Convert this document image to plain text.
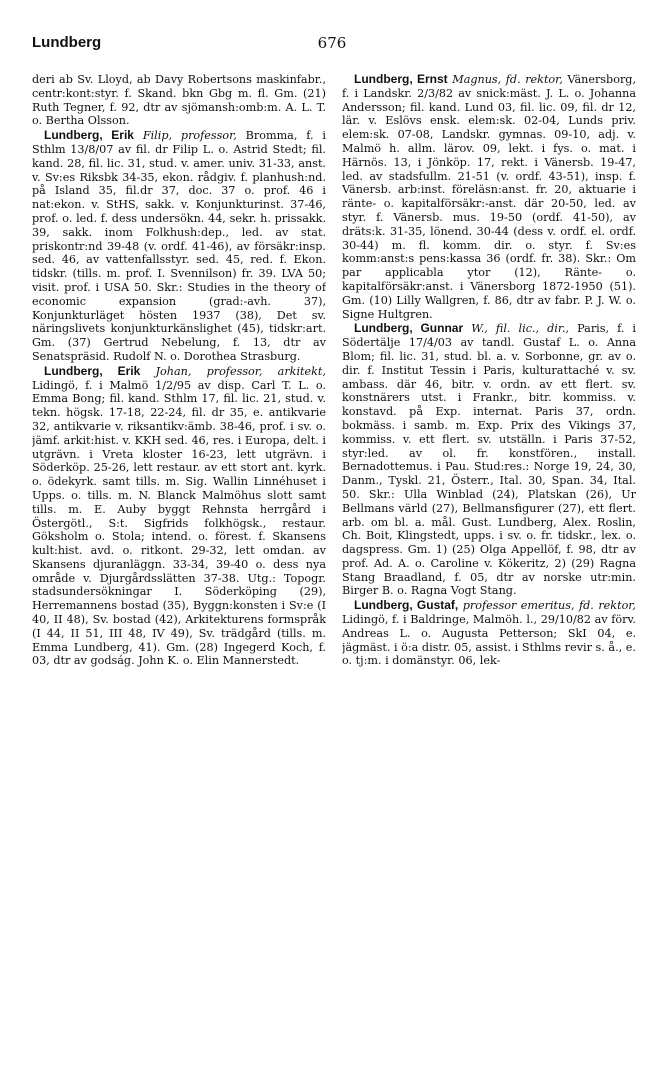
Lundberg	676

deri ab Sv. Lloyd, ab Davy Robertsons maskinfabr., centr:kont:styr. f. Skand. bkn Gbg m. fl. Gm. (21) Ruth Tegner, f. 92, dtr av sjömansh:omb:m. A. L. T. o. Bertha Olsson.

Lundberg, Erik Filip, professor, Bromma, f. i Sthlm 13/8/07 av fil. dr Filip L. o. Astrid Stedt; fil. kand. 28, fil. lic. 31, stud. v. amer. univ. 31-33, anst. v. Sv:es Riksbk 34-35, ekon. rådgiv. f. planhush:nd. på Island 35, fil.dr 37, doc. 37 o. prof. 46 i nat:ekon. v. StHS, sakk. v. Konjunkturinst. 37-46, prof. o. led. f. dess undersökn. 44, sekr. h. prissakk. 39, sakk. inom Folkhush:dep., led. av stat. priskontr:nd 39-48 (v. ordf. 41-46), av försäkr:insp. sed. 46, av vattenfallsstyr. sed. 45, red. f. Ekon. tidskr. (tills. m. prof. I. Svennilson) fr. 39. LVA 50; visit. prof. i USA 50. Skr.: Studies in the theory of economic expansion (grad:-avh. 37), Konjunkturläget hösten 1937 (38), Det sv. näringslivets konjunkturkänslighet (45), tidskr:art. Gm. (37) Gertrud Nebelung, f. 13, dtr av Senatspräsid. Rudolf N. o. Dorothea Strasburg.

Lundberg, Erik Johan, professor, arkitekt, Lidingö, f. i Malmö 1/2/95 av disp. Carl T. L. o. Emma Bong; fil. kand. Sthlm 17, fil. lic. 21, stud. v. tekn. högsk. 17-18, 22-24, fil. dr 35, e. antikvarie 32, antikvarie v. riksantikv:ämb. 38-46, prof. i sv. o. jämf. arkit:hist. v. KKH sed. 46, res. i Europa, delt. i utgrävn. i Vreta kloster 16-23, lett utgrävn. i Söderköp. 25-26, lett restaur. av ett stort ant. kyrk. o. ödekyrk. samt tills. m. Sig. Wallin Linnéhuset i Upps. o. tills. m. N. Blanck Malmöhus slott samt tills. m. E. Auby byggt Rehnsta herrgård i Östergötl., S:t. Sigfrids folkhögsk., restaur. Göksholm o. Stola; intend. o. förest. f. Skansens kult:hist. avd. o. ritkont. 29-32, lett omdan. av Skansens djuranläggn. 33-34, 39-40 o. dess nya område v. Djurgårdsslätten 37-38. Utg.: Topogr. stadsundersökningar I. Söderköping (29), Herremannens bostad (35), Byggn:konsten i Sv:e (I 40, II 48), Sv. bostad (42), Arkitekturens formspråk (I 44, II 51, III 48, IV 49), Sv. trädgård (tills. m. Emma Lundberg, 41). Gm. (28) Ingegerd Koch, f. 03, dtr av godság. John K. o. Elin Mannerstedt.

Lundberg, Ernst Magnus, fd. rektor, Vänersborg, f. i Landskr. 2/3/82 av snick:mäst. J. L. o. Johanna Andersson; fil. kand. Lund 03, fil. lic. 09, fil. dr 12, lär. v. Eslövs ensk. elem:sk. 02-04, Lunds priv. elem:sk. 07-08, Landskr. gymnas. 09-10, adj. v. Malmö h. allm. lärov. 09, lekt. i fys. o. mat. i Härnös. 13, i Jönköp. 17, rekt. i Vänersb. 19-47, led. av stadsfullm. 21-51 (v. ordf. 43-51), insp. f. Vänersb. arb:inst. föreläsn:anst. fr. 20, aktuarie i ränte- o. kapitalförsäkr:-anst. där 20-50, led. av styr. f. Vänersb. mus. 19-50 (ordf. 41-50), av dräts:k. 31-35, lönend. 30-44 (dess v. ordf. el. ordf. 30-44) m. fl. komm. dir. o. styr. f. Sv:es komm:anst:s pens:kassa 36 (ordf. fr. 38). Skr.: Om par applicabla ytor (12), Ränte- o. kapitalförsäkr:anst. i Vänersborg 1872-1950 (51). Gm. (10) Lilly Wallgren, f. 86, dtr av fabr. P. J. W. o. Signe Hultgren.

Lundberg, Gunnar W., fil. lic., dir., Paris, f. i Södertälje 17/4/03 av tandl. Gustaf L. o. Anna Blom; fil. lic. 31, stud. bl. a. v. Sorbonne, gr. av o. dir. f. Institut Tessin i Paris, kulturattaché v. sv. ambass. där 46, bitr. v. ordn. av ett flert. sv. konstnärers utst. i Frankr., bitr. kommiss. v. konstavd. på Exp. internat. Paris 37, ordn. bokmäss. i samb. m. Exp. Prix des Vikings 37, kommiss. v. ett flert. sv. utställn. i Paris 37-52, styr:led. av ol. fr. konstfören., install. Bernadottemus. i Pau. Stud:res.: Norge 19, 24, 30, Danm., Tyskl. 21, Österr., Ital. 30, Span. 34, Ital. 50. Skr.: Ulla Winblad (24), Platskan (26), Ur Bellmans värld (27), Bellmansfigurer (27), ett flert. arb. om bl. a. mål. Gust. Lundberg, Alex. Roslin, Ch. Boit, Klingstedt, upps. i sv. o. fr. tidskr., lex. o. dagspress. Gm. 1) (25) Olga Appellöf, f. 98, dtr av prof. Ad. A. o. Caroline v. Kökeritz, 2) (29) Ragna Stang Braadland, f. 05, dtr av norske utr:min. Birger B. o. Ragna Vogt Stang.

Lundberg, Gustaf, professor emeritus, fd. rektor, Lidingö, f. i Baldringe, Malmöh. l., 29/10/82 av förv. Andreas L. o. Augusta Petterson; SkI 04, e. jägmäst. i ö:a distr. 05, assist. i Sthlms revir s. å., e. o. tj:m. i domänstyr. 06, lek-
